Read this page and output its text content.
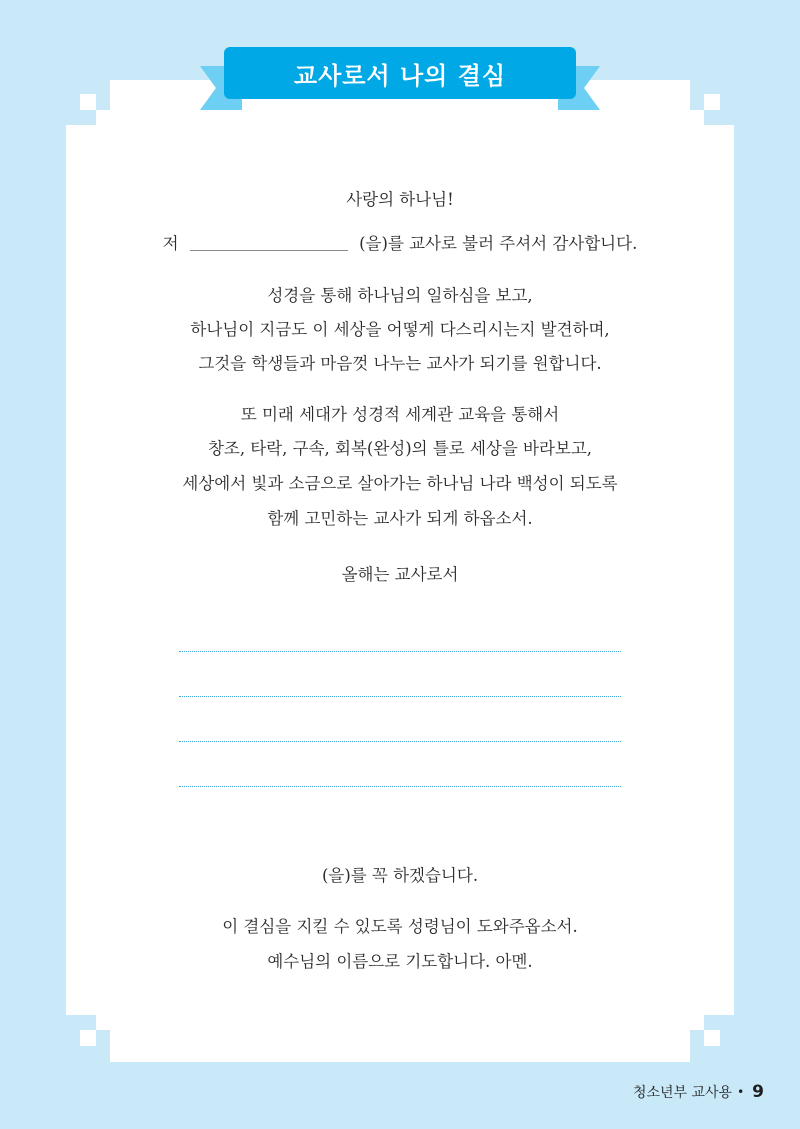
교사로서 나의 결심
사랑의 하나님!
저	(을)를 교사로 불러 주셔서 감사합니다.
성경을 통해 하나님의 일하심을 보고,
하나님이 지금도 이 세상을 어떻게 다스리시는지 발견하며,
그것을 학생들과 마음껏 나누는 교사가 되기를 원합니다.
또 미래 세대가 성경적 세계관 교육을 통해서
창조, 타락, 구속, 회복(완성)의 틀로 세상을 바라보고,
세상에서 빛과 소금으로 살아가는 하나님 나라 백성이 되도록
함께 고민하는 교사가 되게 하옵소서.
올해는 교사로서
(을)를 꼭 하겠습니다.
이 결심을 지킬 수 있도록 성령님이 도와주옵소서.
예수님의 이름으로 기도합니다. 아멘.
청소년부 교사용 • 9
